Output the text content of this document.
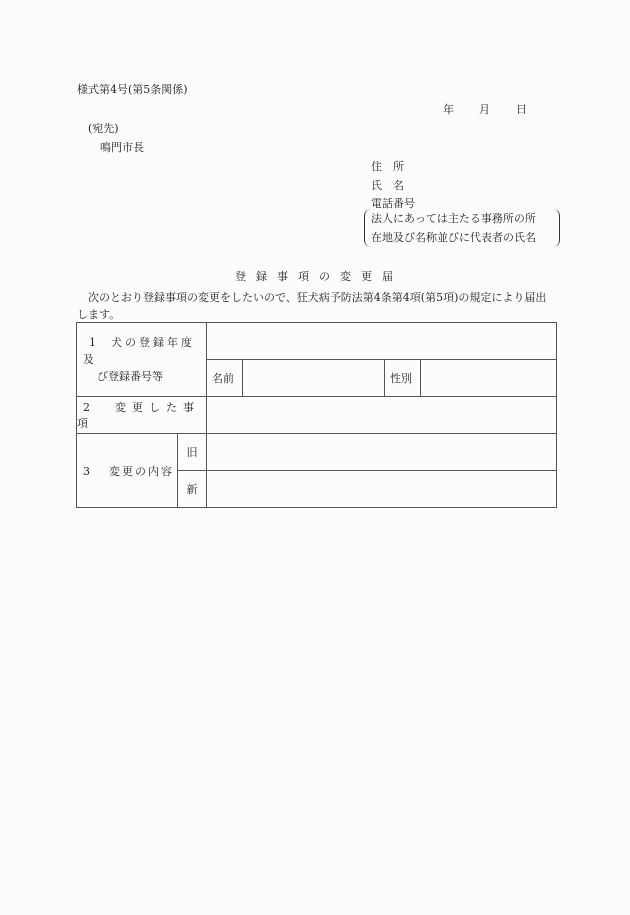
様式第4号(第5条関係)
年	月	日
(宛先)
鳴門市長
住　所
氏　名
電話番号
法人にあっては主たる事務所の所
在地及び名称並びに代表者の氏名
登録事項の変更届
次のとおり登録事項の変更をしたいので、狂犬病予防法第4条第4項(第5項)の規定により届出します。
1 犬の登録年度及
び登録番号等					

		名前		性別	
2 変更した事項					
3 変更の内容	旧				
	新				
